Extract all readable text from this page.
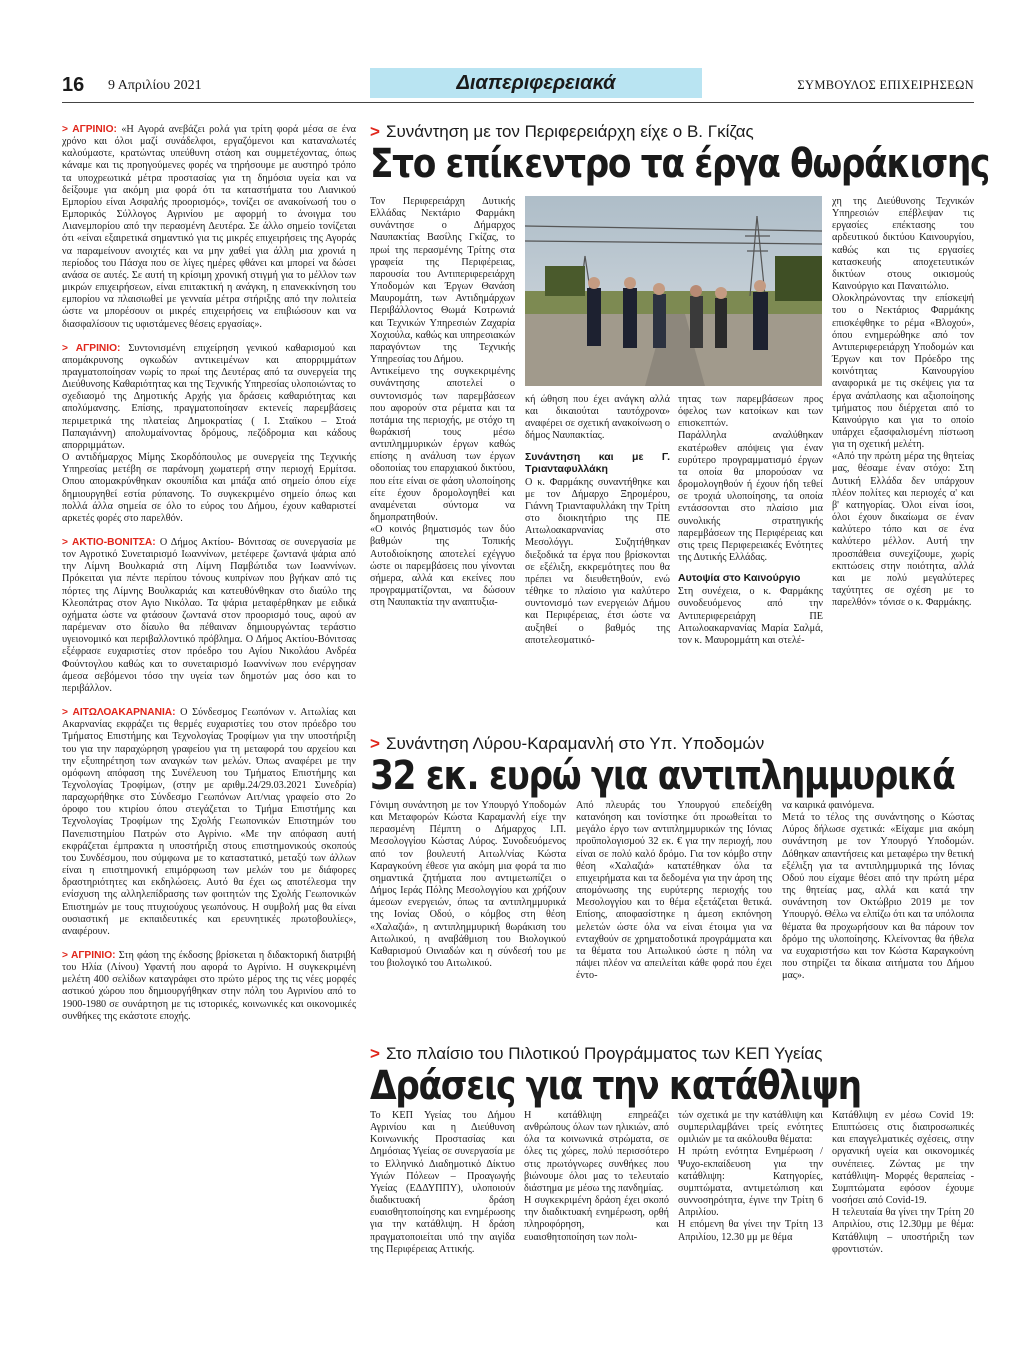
16 9 Απριλίου 2021	Διαπεριφερειακά	ΣΥΜΒΟΥΛΟΣ ΕΠΙΧΕΙΡΗΣΕΩΝ

> ΑΓΡΙΝΙΟ: «Η Αγορά ανεβάζει ρολά για τρίτη φορά μέσα σε ένα χρόνο και όλοι μαζί συνάδελφοι, εργαζόμενοι και καταναλωτές καλούμαστε, κρατώντας υπεύθυνη στάση και συμμετέχοντας, όπως κάναμε και τις προηγούμενες φορές να τηρήσουμε με αυστηρό τρόπο τα υποχρεωτικά μέτρα προστασίας για τη δημόσια υγεία και να δείξουμε για ακόμη μια φορά ότι τα καταστήματα του Λιανικού Εμπορίου είναι Ασφαλής προορισμός», τονίζει σε ανακοίνωσή του ο Εμπορικός Σύλλογος Αγρινίου με αφορμή το άνοιγμα του Λιανεμπορίου από την περασμένη Δευτέρα. Σε άλλο σημείο τονίζεται ότι «είναι εξαιρετικά σημαντικό για τις μικρές επιχειρήσεις της Αγοράς να παραμείνουν ανοιχτές και να μην χαθεί για άλλη μια χρονιά η περίοδος του Πάσχα που σε λίγες ημέρες φθάνει και μπορεί να δώσει ανάσα σε αυτές. Σε αυτή τη κρίσιμη χρονική στιγμή για το μέλλον των μικρών επιχειρήσεων, είναι επιτακτική η ανάγκη, η επανεκκίνηση του εμπορίου να πλαισιωθεί με γενναία μέτρα στήριξης από την πολιτεία ώστε να μπορέσουν οι μικρές επιχειρήσεις να επιβιώσουν και να διασφαλίσουν τις υφιστάμενες θέσεις εργασίας».

> ΑΓΡΙΝΙΟ: Συντονισμένη επιχείρηση γενικού καθαρισμού και απομάκρυνσης ογκωδών αντικειμένων και απορριμμάτων πραγματοποίησαν νωρίς το πρωί της Δευτέρας από τα συνεργεία της Διεύθυνσης Καθαριότητας και της Τεχνικής Υπηρεσίας υλοποιώντας το σχεδιασμό της Δημοτικής Αρχής για δράσεις καθαριότητας και απολύμανσης. Επίσης, πραγματοποίησαν εκτενείς παρεμβάσεις περιμετρικά της πλατείας Δημοκρατίας ( Ι. Σταϊκου – Στοά Παπαγιάννη) απολυμαίνοντας δρόμους, πεζόδρομια και κάδους απορριμμάτων.

Ο αντιδήμαρχος Μίμης Σκορδόπουλος με συνεργεία της Τεχνικής Υπηρεσίας μετέβη σε παράνομη χωματερή στην περιοχή Ερμίτσα. Οπου απομακρύνθηκαν σκουπίδια και μπάζα από σημείο όπου είχε δημιουργηθεί εστία ρύπανσης. Το συγκεκριμένο σημείο όπως και πολλά άλλα σημεία σε όλο το εύρος του Δήμου, έχουν καθαριστεί αρκετές φορές στο παρελθόν.

> ΑΚΤΙΟ-ΒΟΝΙΤΣΑ: Ο Δήμος Ακτίου- Βόνιτσας σε συνεργασία με τον Αγροτικό Συνεταιρισμό Ιωαννίνων, μετέφερε ζωντανά ψάρια από την Λίμνη Βουλκαριά στη Λίμνη Παμβώτιδα των Ιωαννίνων. Πρόκειται για πέντε περίπου τόνους κυπρίνων που βγήκαν από τις πόρτες της Λίμνης Βουλκαριάς και κατευθύνθηκαν στο διαύλο της Κλεοπάτρας στον Αγιο Νικόλαο. Τα ψάρια μεταφέρθηκαν με ειδικά οχήματα ώστε να φτάσουν ζωντανά στον προορισμό τους, αφού αν παρέμεναν στο δίαυλο θα πέθαιναν δημιουργώντας τεράστιο υγειονομικό και περιβαλλοντικό πρόβλημα. Ο Δήμος Ακτίου-Βόνιτσας εξέφρασε ευχαριστίες στον πρόεδρο του Αγίου Νικολάου Ανδρέα Φούντογλου καθώς και το συνεταιρισμό Ιωαννίνων που ενέργησαν άμεσα σεβόμενοι τόσο την υγεία των δημοτών μας όσο και το περιβάλλον.

> ΑΙΤΩΛΟΑΚΑΡΝΑΝΙΑ: Ο Σύνδεσμος Γεωπόνων ν. Αιτωλίας και Ακαρνανίας εκφράζει τις θερμές ευχαριστίες του στον πρόεδρο του Τμήματος Επιστήμης και Τεχνολογίας Τροφίμων για την υποστήριξη του για την παραχώρηση γραφείου για τη μεταφορά του αρχείου και την εξυπηρέτηση των αναγκών των μελών. Όπως αναφέρει με την ομόφωνη απόφαση της Συνέλευση του Τμήματος Επιστήμης και Τεχνολογίας Τροφίμων, (στην με αριθμ.24/29.03.2021 Συνεδρία) παραχωρήθηκε στο Σύνδεσμο Γεωπόνων Αιτ/νιας γραφείο στο 2ο όροφο του κτιρίου όπου στεγάζεται το Τμήμα Επιστήμης και Τεχνολογίας Τροφίμων της Σχολής Γεωπονικών Επιστημών του Πανεπιστημίου Πατρών στο Αγρίνιο. «Με την απόφαση αυτή εκφράζεται έμπρακτα η υποστήριξη στους επιστημονικούς σκοπούς του Συνδέσμου, που σύμφωνα με το καταστατικό, μεταξύ των άλλων είναι η επιστημονική επιμόρφωση των μελών του με διάφορες δραστηριότητες και εκδηλώσεις. Αυτό θα έχει ως αποτέλεσμα την ενίσχυση της αλληλεπίδρασης των φοιτητών της Σχολής Γεωπονικών Επιστημών με τους πτυχιούχους γεωπόνους. Η συμβολή μας θα είναι ουσιαστική με εκπαιδευτικές και ερευνητικές πρωτοβουλίες», αναφέρουν.

> ΑΓΡΙΝΙΟ: Στη φάση της έκδοσης βρίσκεται η διδακτορική διατριβή του Ηλία (Λίνου) Υφαντή που αφορά το Αγρίνιο. Η συγκεκριμένη μελέτη 400 σελίδων καταγράφει στο πρώτο μέρος της τις νέες μορφές αστικού χώρου που δημιουργήθηκαν στην πόλη του Αγρινίου από το 1900-1980 σε συνάρτηση με τις ιστορικές, κοινωνικές και οικονομικές συνθήκες της εκάστοτε εποχής.

> Συνάντηση με τον Περιφερειάρχη είχε ο Β. Γκίζας
Στο επίκεντρο τα έργα θωράκισης

Τον Περιφερειάρχη Δυτικής Ελλάδας Νεκτάριο Φαρμάκη συνάντησε ο Δήμαρχος Ναυπακτίας Βασίλης Γκίζας, το πρωί της περασμένης Τρίτης στα γραφεία της Περιφέρειας, παρουσία του Αντιπεριφερειάρχη Υποδομών και Έργων Θανάση Μαυρομάτη, των Αντιδημάρχων Περιβάλλοντος Θωμά Κοτρωνιά και Τεχνικών Υπηρεσιών Ζαχαρία Χοχιούλα, καθώς και υπηρεσιακών παραγόντων της Τεχνικής Υπηρεσίας του Δήμου.

Αντικείμενο της συγκεκριμένης συνάντησης αποτελεί ο συντονισμός των παρεμβάσεων που αφορούν στα ρέματα και τα ποτάμια της περιοχής, με στόχο τη θωράκισή τους μέσω αντιπλημμυρικών έργων καθώς επίσης η ανάλυση των έργων οδοποιίας του επαρχιακού δικτύου, που είτε είναι σε φάση υλοποίησης είτε έχουν δρομολογηθεί και αναμένεται σύντομα να δημοπρατηθούν.

«Ο κοινός βηματισμός των δύο βαθμών της Τοπικής Αυτοδιοίκησης αποτελεί εχέγγυο ώστε οι παρεμβάσεις που γίνονται σήμερα, αλλά και εκείνες που προγραμματίζονται, να δώσουν στη Ναυπακτία την αναπτυξια-

κή ώθηση που έχει ανάγκη αλλά και δικαιούται ταυτόχρονα» αναφέρει σε σχετική ανακοίνωση ο δήμος Ναυπακτίας.

Συνάντηση και με Γ. Τριανταφυλλάκη

Ο κ. Φαρμάκης συναντήθηκε και με τον Δήμαρχο Ξηρομέρου, Γιάννη Τριανταφυλλάκη την Τρίτη στο διοικητήριο της ΠΕ Αιτωλοακαρνανίας στο Μεσολόγγι. Συζητήθηκαν διεξοδικά τα έργα που βρίσκονται σε εξέλιξη, εκκρεμότητες που θα πρέπει να διευθετηθούν, ενώ τέθηκε το πλαίσιο για καλύτερο συντονισμό των ενεργειών Δήμου και Περιφέρειας, έτσι ώστε να αυξηθεί ο βαθμός της αποτελεσματικό-

τητας των παρεμβάσεων προς όφελος των κατοίκων και των επισκεπτών.

Παράλληλα αναλύθηκαν εκατέρωθεν απόψεις για έναν ευρύτερο προγραμματισμό έργων τα οποία θα μπορούσαν να δρομολογηθούν ή έχουν ήδη τεθεί σε τροχιά υλοποίησης, τα οποία εντάσσονται στο πλαίσιο μια συνολικής στρατηγικής παρεμβάσεων της Περιφέρειας και στις τρεις Περιφερειακές Ενότητες της Δυτικής Ελλάδας.

Αυτοψία στο Καινούργιο

Στη συνέχεια, ο κ. Φαρμάκης συνοδευόμενος από την Αντιπεριφερειάρχη ΠΕ Αιτωλοακαρνανίας Μαρία Σαλμά, τον κ. Μαυρομμάτη και στελέ-

χη της Διεύθυνσης Τεχνικών Υπηρεσιών επέβλεψαν τις εργασίες επέκτασης του αρδευτικού δικτύου Καινουργίου, καθώς και τις εργασίες κατασκευής αποχετευτικών δικτύων στους οικισμούς Καινούργιο και Παναιτώλιο.

Ολοκληρώνοντας την επίσκεψή του ο Νεκτάριος Φαρμάκης επισκέφθηκε το ρέμα «Βλοχού», όπου ενημερώθηκε από τον Αντιπεριφερειάρχη Υποδομών και Έργων και τον Πρόεδρο της κοινότητας Καινουργίου αναφορικά με τις σκέψεις για τα έργα ανάπλασης και αξιοποίησης τμήματος που διέρχεται από το Καινούργιο και για το οποίο υπάρχει εξασφαλισμένη πίστωση για τη σχετική μελέτη.

«Από την πρώτη μέρα της θητείας μας, θέσαμε έναν στόχο: Στη Δυτική Ελλάδα δεν υπάρχουν πλέον πολίτες και περιοχές α' και β' κατηγορίας. Όλοι είναι ίσοι, όλοι έχουν δικαίωμα σε έναν καλύτερο τόπο και σε ένα καλύτερο μέλλον. Αυτή την προσπάθεια συνεχίζουμε, χωρίς εκπτώσεις στην ποιότητα, αλλά και με πολύ μεγαλύτερες ταχύτητες σε σχέση με το παρελθόν» τόνισε ο κ. Φαρμάκης.

> Συνάντηση Λύρου-Καραμανλή στο Υπ. Υποδομών
32 εκ. ευρώ για αντιπλημμυρικά

Γόνιμη συνάντηση με τον Υπουργό Υποδομών και Μεταφορών Κώστα Καραμανλή είχε την περασμένη Πέμπτη ο Δήμαρχος Ι.Π. Μεσολογγίου Κώστας Λύρος. Συνοδευόμενος από τον βουλευτή Αιτωλ/νίας Κώστα Καραγκούνη έθεσε για ακόμη μια φορά τα πιο σημαντικά ζητήματα που αντιμετωπίζει ο Δήμος Ιεράς Πόλης Μεσολογγίου και χρήζουν άμεσων ενεργειών, όπως τα αντιπλημμυρικά της Ιονίας Οδού, ο κόμβος στη θέση «Χαλαζιά», η αντιπλημμυρική θωράκιση του Αιτωλικού, η αναβάθμιση του Βιολογικού Καθαρισμού Οινιαδών και η σύνδεσή του με του βιολογικό του Αιτωλικού.

Από πλευράς του Υπουργού επεδείχθη κατανόηση και τονίστηκε ότι προωθείται το μεγάλο έργο των αντιπλημμυρικών της Ιόνιας προϋπολογισμού 32 εκ. € για την περιοχή, που είναι σε πολύ καλό δρόμο. Για τον κόμβο στην θέση «Χαλαζιά» κατατέθηκαν όλα τα επιχειρήματα και τα δεδομένα για την άρση της απομόνωσης της ευρύτερης περιοχής του Μεσολογγίου και το θέμα εξετάζεται θετικά. Επίσης, αποφασίστηκε η άμεση εκπόνηση μελετών ώστε όλα να είναι έτοιμα για να ενταχθούν σε χρηματοδοτικά προγράμματα και τα θέματα του Αιτωλικού ώστε η πόλη να πάψει πλέον να απειλείται κάθε φορά που έχει έντο-

να καιρικά φαινόμενα.

Μετά το τέλος της συνάντησης ο Κώστας Λύρος δήλωσε σχετικά: «Είχαμε μια ακόμη συνάντηση με τον Υπουργό Υποδομών. Δόθηκαν απαντήσεις και μεταφέρω την θετική εξέλιξη για τα αντιπλημμυρικά της Ιόνιας Οδού που είχαμε θέσει από την πρώτη μέρα της θητείας μας, αλλά και κατά την συνάντηση τον Οκτώβριο 2019 με τον Υπουργό. Θέλω να ελπίζω ότι και τα υπόλοιπα θέματα θα προχωρήσουν και θα πάρουν τον δρόμο της υλοποίησης. Κλείνοντας θα ήθελα να ευχαριστήσω και τον Κώστα Καραγκούνη που στηρίζει τα δίκαια αιτήματα του Δήμου μας».

> Στο πλαίσιο του Πιλοτικού Προγράμματος των ΚΕΠ Υγείας
Δράσεις για την κατάθλιψη

Το ΚΕΠ Υγείας του Δήμου Αγρινίου και η Διεύθυνση Κοινωνικής Προστασίας και Δημόσιας Υγείας σε συνεργασία με το Ελληνικό Διαδημοτικό Δίκτυο Υγιών Πόλεων – Προαγωγής Υγείας (ΕΔΔΥΠΠΥ), υλοποιούν διαδικτυακή δράση ευαισθητοποίησης και ενημέρωσης για την κατάθλιψη. Η δράση πραγματοποιείται υπό την αιγίδα της Περιφέρειας Αττικής.

Η κατάθλιψη επηρεάζει ανθρώπους όλων των ηλικιών, από όλα τα κοινωνικά στρώματα, σε όλες τις χώρες, πολύ περισσότερο στις πρωτόγνωρες συνθήκες που βιώνουμε όλοι μας το τελευταίο διάστημα με μέσω της πανδημίας.

Η συγκεκριμένη δράση έχει σκοπό την διαδικτυακή ενημέρωση, ορθή πληροφόρηση, και ευαισθητοποίηση των πολι-

τών σχετικά με την κατάθλιψη και συμπεριλαμβάνει τρείς ενότητες ομιλιών με τα ακόλουθα θέματα:

Η πρώτη ενότητα Ενημέρωση / Ψυχο-εκπαίδευση για την κατάθλιψη: Κατηγορίες, συμπτώματα, αντιμετώπιση και συννοσηρότητα, έγινε την Τρίτη 6 Απριλίου.

Η επόμενη θα γίνει την Τρίτη 13 Απριλίου, 12.30 μμ με θέμα

Κατάθλιψη εν μέσω Covid 19: Επιπτώσεις στις διαπροσωπικές και επαγγελματικές σχέσεις, στην οργανική υγεία και οικονομικές συνέπειες. Ζώντας με την κατάθλιψη- Μορφές θεραπείας - Συμπτώματα εφόσον έχουμε νοσήσει από Covid-19.

Η τελευταία θα γίνει την Τρίτη 20 Απριλίου, στις 12.30μμ με θέμα: Κατάθλιψη – υποστήριξη των φροντιστών.
